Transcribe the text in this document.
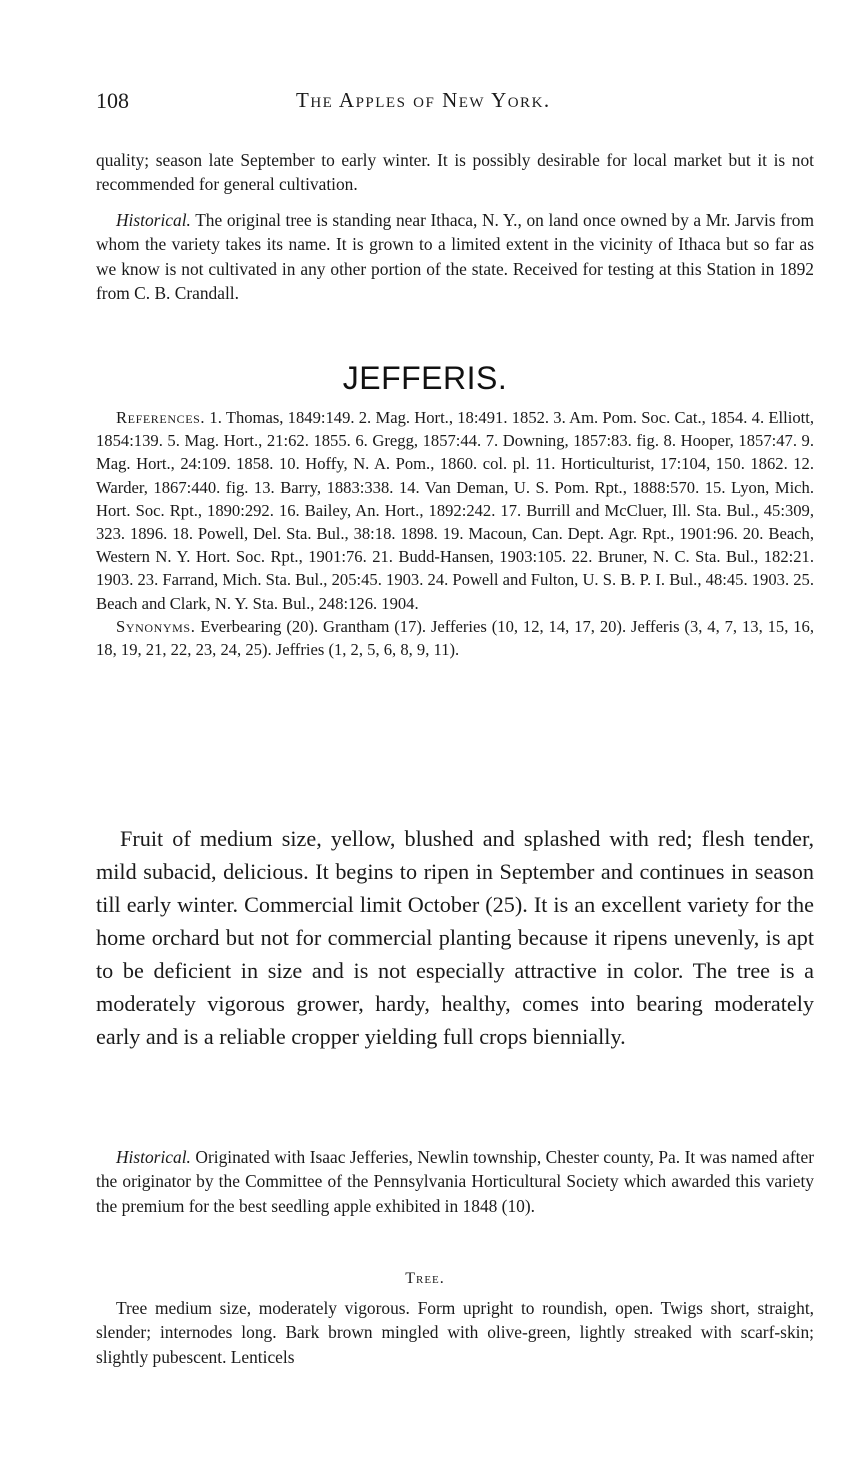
108	The Apples of New York.

quality; season late September to early winter. It is possibly desirable for local market but it is not recommended for general cultivation.

Historical. The original tree is standing near Ithaca, N. Y., on land once owned by a Mr. Jarvis from whom the variety takes its name. It is grown to a limited extent in the vicinity of Ithaca but so far as we know is not cultivated in any other portion of the state. Received for testing at this Station in 1892 from C. B. Crandall.

JEFFERIS.

References. 1. Thomas, 1849:149. 2. Mag. Hort., 18:491. 1852. 3. Am. Pom. Soc. Cat., 1854. 4. Elliott, 1854:139. 5. Mag. Hort., 21:62. 1855. 6. Gregg, 1857:44. 7. Downing, 1857:83. fig. 8. Hooper, 1857:47. 9. Mag. Hort., 24:109. 1858. 10. Hoffy, N. A. Pom., 1860. col. pl. 11. Horticulturist, 17:104, 150. 1862. 12. Warder, 1867:440. fig. 13. Barry, 1883:338. 14. Van Deman, U. S. Pom. Rpt., 1888:570. 15. Lyon, Mich. Hort. Soc. Rpt., 1890:292. 16. Bailey, An. Hort., 1892:242. 17. Burrill and McCluer, Ill. Sta. Bul., 45:309, 323. 1896. 18. Powell, Del. Sta. Bul., 38:18. 1898. 19. Macoun, Can. Dept. Agr. Rpt., 1901:96. 20. Beach, Western N. Y. Hort. Soc. Rpt., 1901:76. 21. Budd-Hansen, 1903:105. 22. Bruner, N. C. Sta. Bul., 182:21. 1903. 23. Farrand, Mich. Sta. Bul., 205:45. 1903. 24. Powell and Fulton, U. S. B. P. I. Bul., 48:45. 1903. 25. Beach and Clark, N. Y. Sta. Bul., 248:126. 1904.

Synonyms. Everbearing (20). Grantham (17). Jefferies (10, 12, 14, 17, 20). Jefferis (3, 4, 7, 13, 15, 16, 18, 19, 21, 22, 23, 24, 25). Jeffries (1, 2, 5, 6, 8, 9, 11).

Fruit of medium size, yellow, blushed and splashed with red; flesh tender, mild subacid, delicious. It begins to ripen in September and continues in season till early winter. Commercial limit October (25). It is an excellent variety for the home orchard but not for commercial planting because it ripens unevenly, is apt to be deficient in size and is not especially attractive in color. The tree is a moderately vigorous grower, hardy, healthy, comes into bearing moderately early and is a reliable cropper yielding full crops biennially.

Historical. Originated with Isaac Jefferies, Newlin township, Chester county, Pa. It was named after the originator by the Committee of the Pennsylvania Horticultural Society which awarded this variety the premium for the best seedling apple exhibited in 1848 (10).

Tree.

Tree medium size, moderately vigorous. Form upright to roundish, open. Twigs short, straight, slender; internodes long. Bark brown mingled with olive-green, lightly streaked with scarf-skin; slightly pubescent. Lenticels
